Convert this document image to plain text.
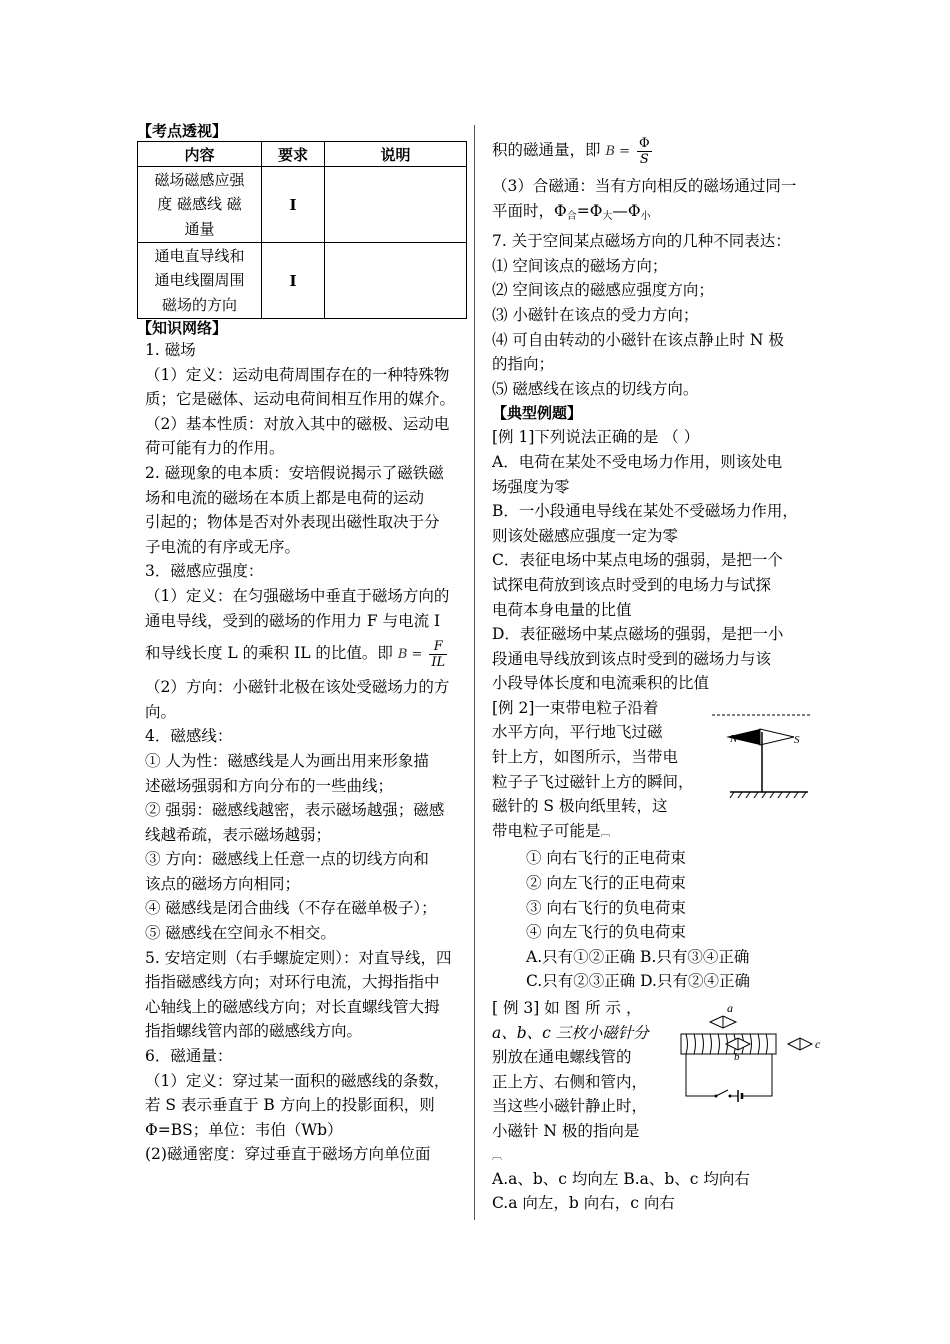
【考点透视】
内容	要求	说明

磁场磁感应强
度 磁感线 磁
通量	I	

通电直导线和
通电线圈周围
磁场的方向	I	
【知识网络】
1. 磁场
（1）定义：运动电荷周围存在的一种特殊物
质；它是磁体、运动电荷间相互作用的媒介。
（2）基本性质：对放入其中的磁极、运动电
荷可能有力的作用。
2. 磁现象的电本质：安培假说揭示了磁铁磁
场和电流的磁场在本质上都是电荷的运动
引起的；物体是否对外表现出磁性取决于分
子电流的有序或无序。
3．磁感应强度：
（1）定义：在匀强磁场中垂直于磁场方向的
通电导线，受到的磁场的作用力 F 与电流 I
和导线长度 L 的乘积 IL 的比值。即 $B = \frac{F}{IL}$
（2）方向：小磁针北极在该处受磁场力的方
向。
4．磁感线：
① 人为性：磁感线是人为画出用来形象描
述磁场强弱和方向分布的一些曲线；
② 强弱：磁感线越密，表示磁场越强；磁感
线越希疏，表示磁场越弱；
③ 方向：磁感线上任意一点的切线方向和
该点的磁场方向相同；
④ 磁感线是闭合曲线（不存在磁单极子）；
⑤ 磁感线在空间永不相交。
5. 安培定则（右手螺旋定则）：对直导线，四
指指磁感线方向；对环行电流，大拇指指中
心轴线上的磁感线方向；对长直螺线管大拇
指指螺线管内部的磁感线方向。
6．磁通量：
（1）定义：穿过某一面积的磁感线的条数，
若 S 表示垂直于 B 方向上的投影面积，则
Φ=BS；单位：韦伯（Wb）
(2)磁通密度：穿过垂直于磁场方向单位面
积的磁通量，即 $B = \frac{\Phi}{S}$
（3）合磁通：当有方向相反的磁场通过同一
平面时，$\Phi_合=\Phi_大—\Phi_小$
7. 关于空间某点磁场方向的几种不同表达：
⑴ 空间该点的磁场方向；
⑵ 空间该点的磁感应强度方向；
⑶ 小磁针在该点的受力方向；
⑷ 可自由转动的小磁针在该点静止时 N 极
的指向；
⑸ 磁感线在该点的切线方向。
【典型例题】
[例 1]下列说法正确的是 （ ）
A．电荷在某处不受电场力作用，则该处电
场强度为零
B．一小段通电导线在某处不受磁场力作用，
则该处磁感应强度一定为零
C．表征电场中某点电场的强弱，是把一个
试探电荷放到该点时受到的电场力与试探
电荷本身电量的比值
D．表征磁场中某点磁场的强弱，是把一小
段通电导线放到该点时受到的磁场力与该
小段导体长度和电流乘积的比值
[例 2]一束带电粒子沿着
水平方向，平行地飞过磁
针上方，如图所示，当带电
粒子子飞过磁针上方的瞬间，
磁针的 S 极向纸里转，这
带电粒子可能是︹
① 向右飞行的正电荷束
② 向左飞行的正电荷束
③ 向右飞行的负电荷束
④ 向左飞行的负电荷束
A.只有①②正确 B.只有③④正确
C.只有②③正确 D.只有②④正确
[ 例 3] 如 图 所 示 ，
a、b、c 三枚小磁针分
别放在通电螺线管的
正上方、右侧和管内，
当这些小磁针静止时，
小磁针 N 极的指向是
︹
A.a、b、c 均向左 B.a、b、c 均向右
C.a 向左，b 向右，c 向右
N	S
a
b
c
